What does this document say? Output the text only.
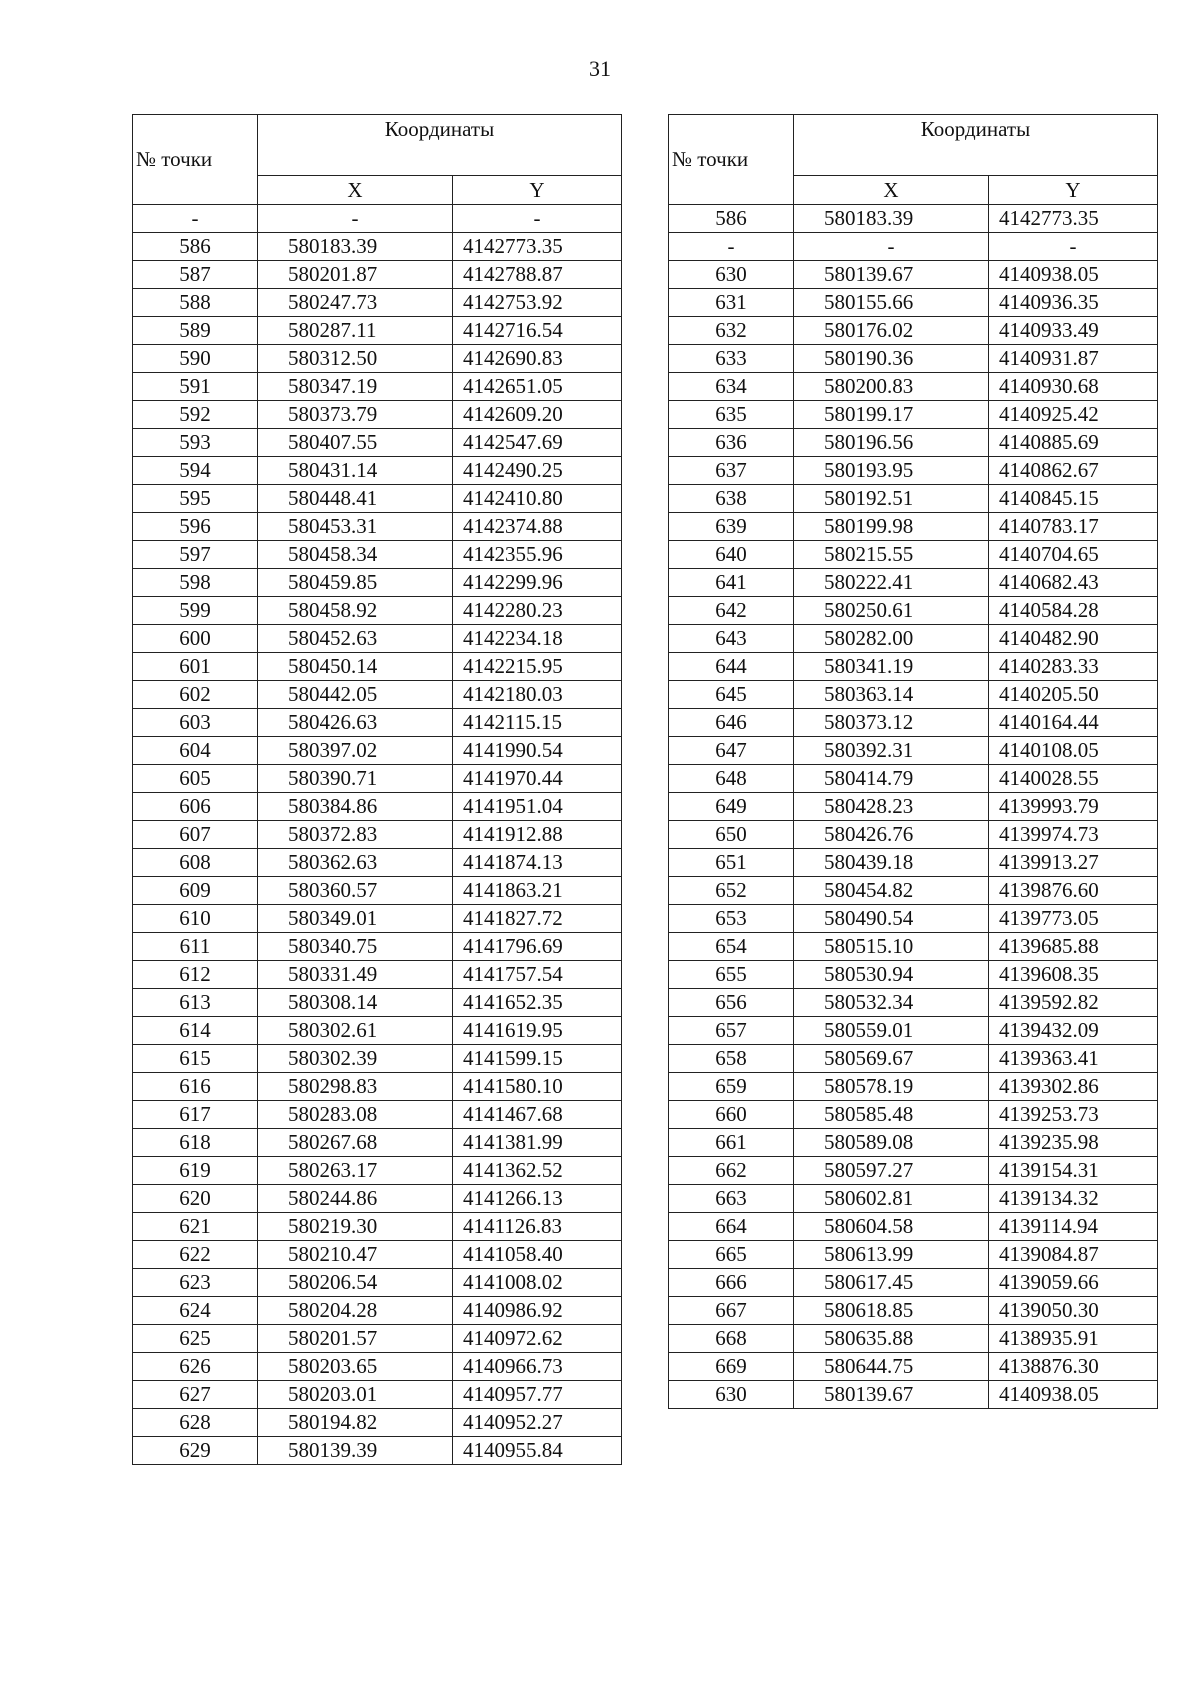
31
№ точки	Координаты	
	X	Y
-	-	-
586	580183.39	4142773.35
587	580201.87	4142788.87
588	580247.73	4142753.92
589	580287.11	4142716.54
590	580312.50	4142690.83
591	580347.19	4142651.05
592	580373.79	4142609.20
593	580407.55	4142547.69
594	580431.14	4142490.25
595	580448.41	4142410.80
596	580453.31	4142374.88
597	580458.34	4142355.96
598	580459.85	4142299.96
599	580458.92	4142280.23
600	580452.63	4142234.18
601	580450.14	4142215.95
602	580442.05	4142180.03
603	580426.63	4142115.15
604	580397.02	4141990.54
605	580390.71	4141970.44
606	580384.86	4141951.04
607	580372.83	4141912.88
608	580362.63	4141874.13
609	580360.57	4141863.21
610	580349.01	4141827.72
611	580340.75	4141796.69
612	580331.49	4141757.54
613	580308.14	4141652.35
614	580302.61	4141619.95
615	580302.39	4141599.15
616	580298.83	4141580.10
617	580283.08	4141467.68
618	580267.68	4141381.99
619	580263.17	4141362.52
620	580244.86	4141266.13
621	580219.30	4141126.83
622	580210.47	4141058.40
623	580206.54	4141008.02
624	580204.28	4140986.92
625	580201.57	4140972.62
626	580203.65	4140966.73
627	580203.01	4140957.77
628	580194.82	4140952.27
629	580139.39	4140955.84
№ точки	Координаты	
	X	Y
586	580183.39	4142773.35
-	-	-
630	580139.67	4140938.05
631	580155.66	4140936.35
632	580176.02	4140933.49
633	580190.36	4140931.87
634	580200.83	4140930.68
635	580199.17	4140925.42
636	580196.56	4140885.69
637	580193.95	4140862.67
638	580192.51	4140845.15
639	580199.98	4140783.17
640	580215.55	4140704.65
641	580222.41	4140682.43
642	580250.61	4140584.28
643	580282.00	4140482.90
644	580341.19	4140283.33
645	580363.14	4140205.50
646	580373.12	4140164.44
647	580392.31	4140108.05
648	580414.79	4140028.55
649	580428.23	4139993.79
650	580426.76	4139974.73
651	580439.18	4139913.27
652	580454.82	4139876.60
653	580490.54	4139773.05
654	580515.10	4139685.88
655	580530.94	4139608.35
656	580532.34	4139592.82
657	580559.01	4139432.09
658	580569.67	4139363.41
659	580578.19	4139302.86
660	580585.48	4139253.73
661	580589.08	4139235.98
662	580597.27	4139154.31
663	580602.81	4139134.32
664	580604.58	4139114.94
665	580613.99	4139084.87
666	580617.45	4139059.66
667	580618.85	4139050.30
668	580635.88	4138935.91
669	580644.75	4138876.30
630	580139.67	4140938.05
